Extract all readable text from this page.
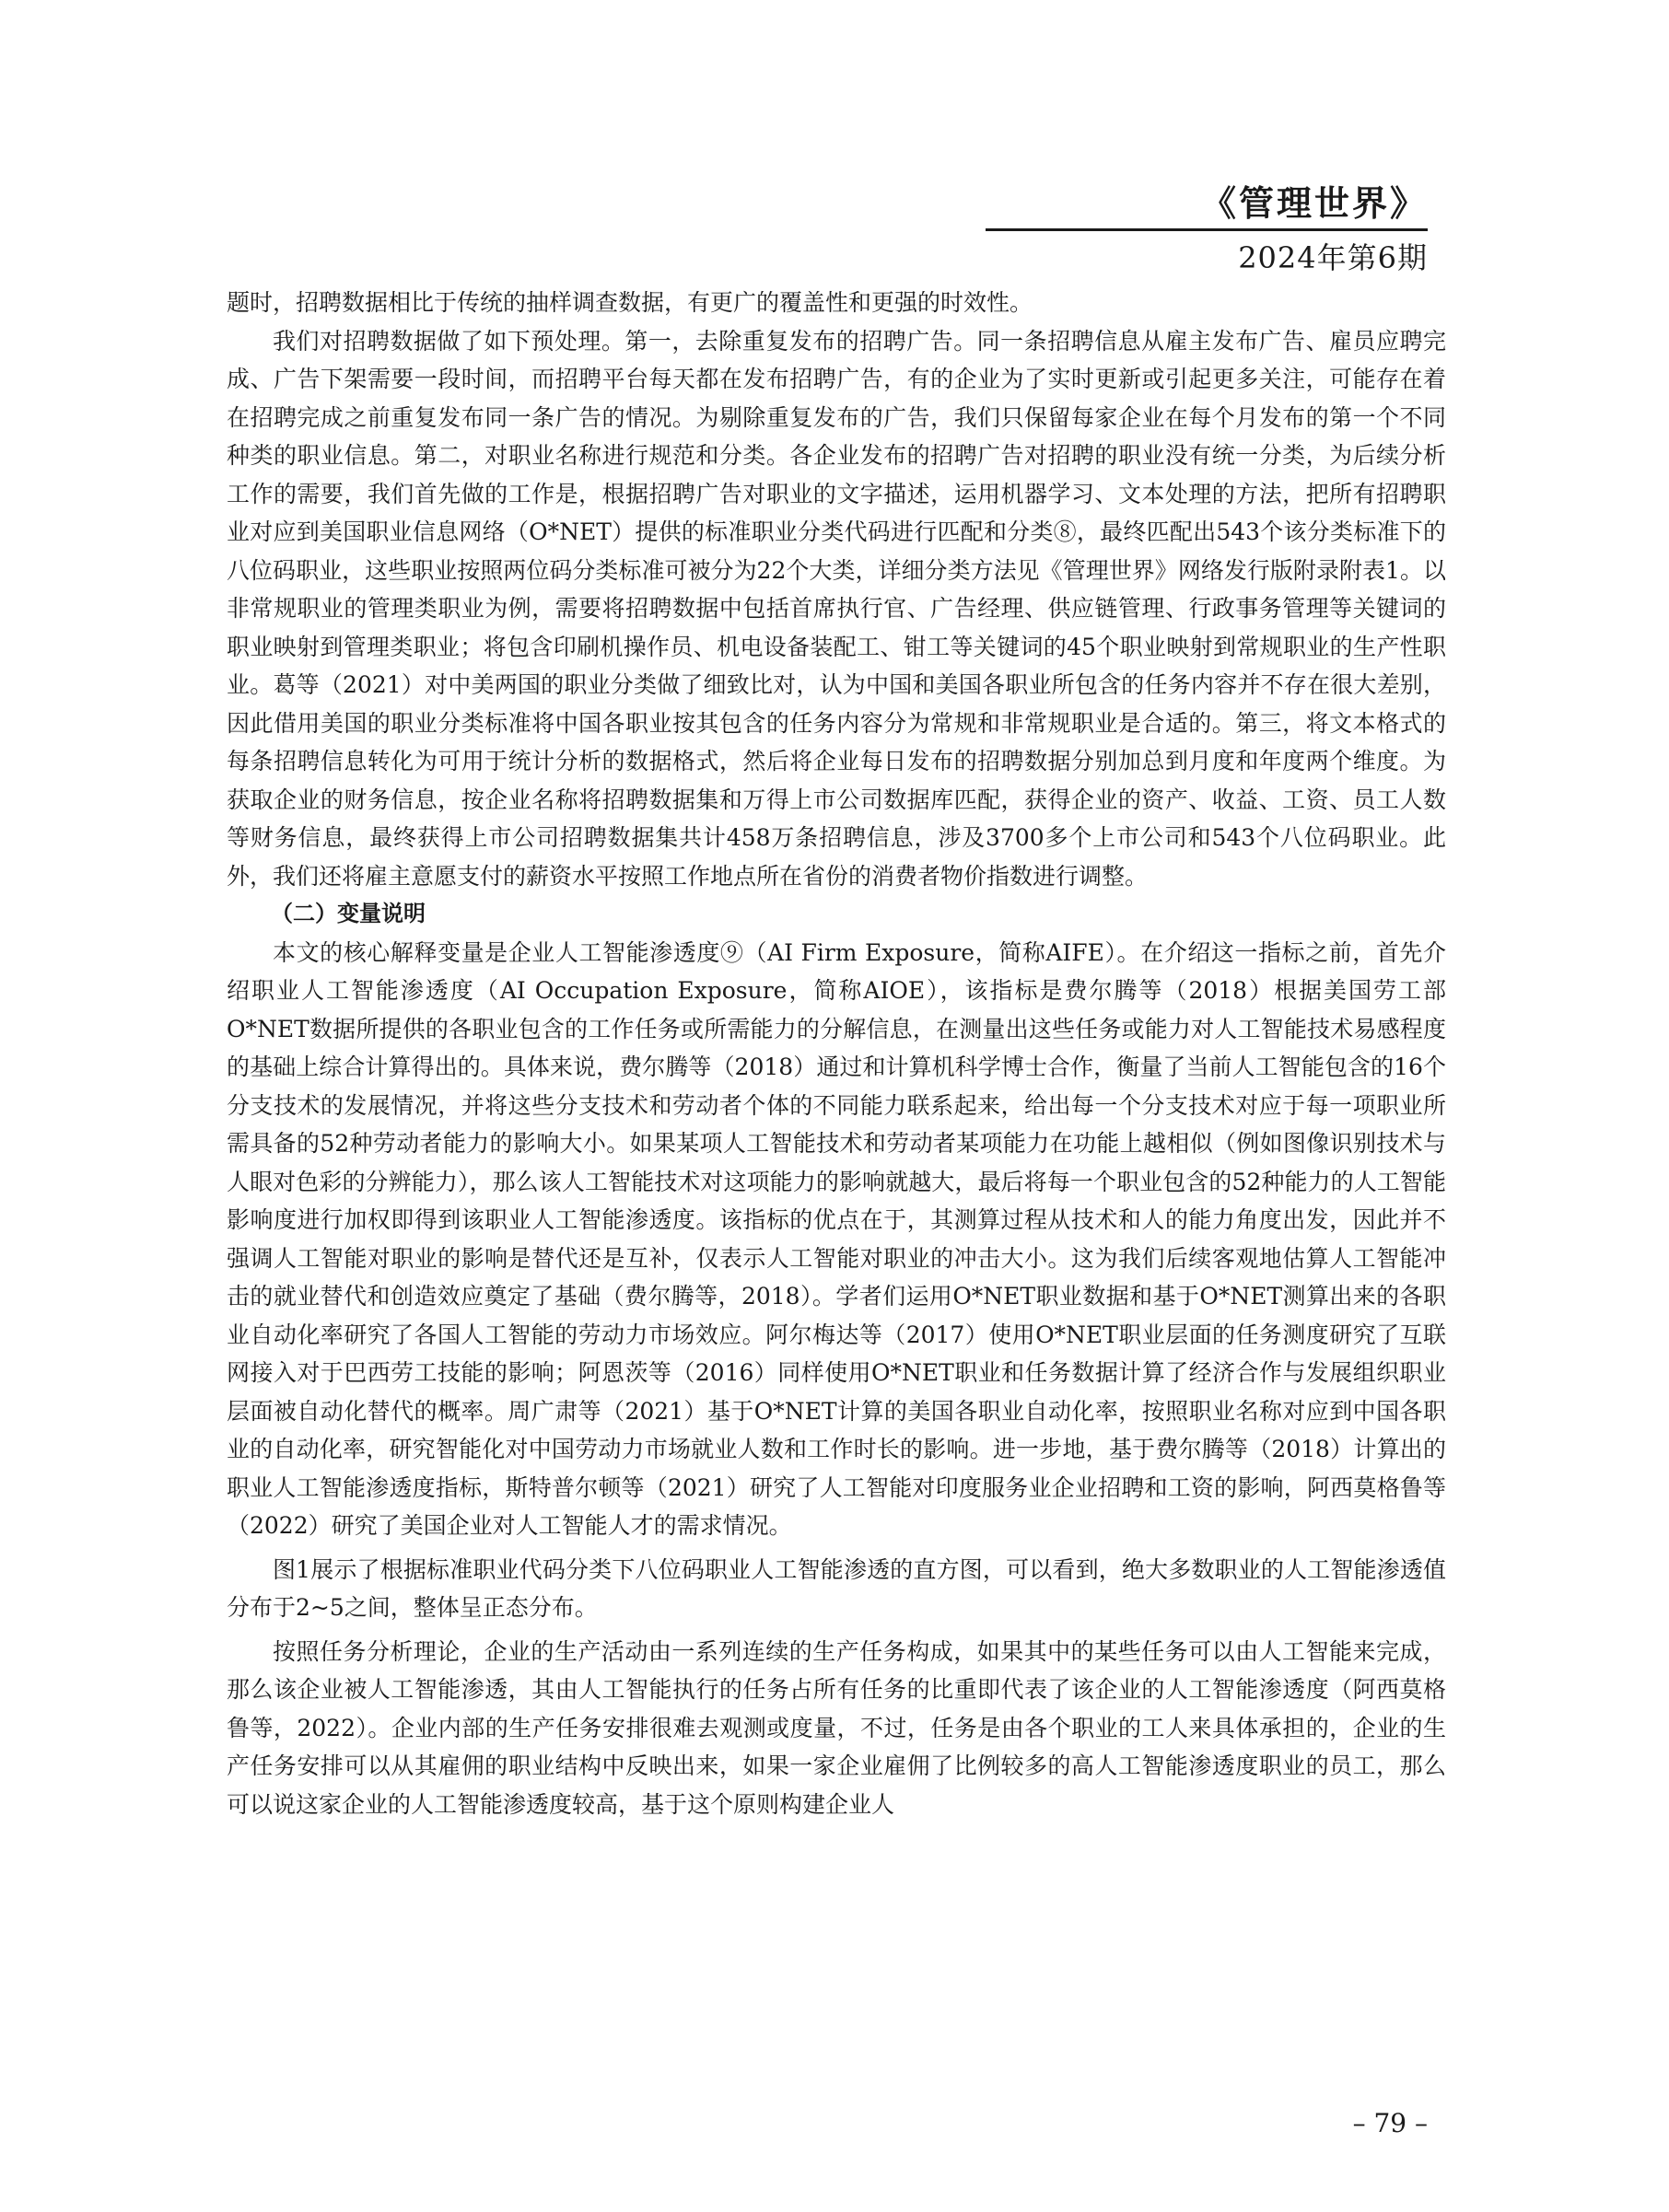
《管理世界》
2024年第6期

题时，招聘数据相比于传统的抽样调查数据，有更广的覆盖性和更强的时效性。

我们对招聘数据做了如下预处理。第一，去除重复发布的招聘广告。同一条招聘信息从雇主发布广告、雇员应聘完成、广告下架需要一段时间，而招聘平台每天都在发布招聘广告，有的企业为了实时更新或引起更多关注，可能存在着在招聘完成之前重复发布同一条广告的情况。为剔除重复发布的广告，我们只保留每家企业在每个月发布的第一个不同种类的职业信息。第二，对职业名称进行规范和分类。各企业发布的招聘广告对招聘的职业没有统一分类，为后续分析工作的需要，我们首先做的工作是，根据招聘广告对职业的文字描述，运用机器学习、文本处理的方法，把所有招聘职业对应到美国职业信息网络（O*NET）提供的标准职业分类代码进行匹配和分类⑧，最终匹配出543个该分类标准下的八位码职业，这些职业按照两位码分类标准可被分为22个大类，详细分类方法见《管理世界》网络发行版附录附表1。以非常规职业的管理类职业为例，需要将招聘数据中包括首席执行官、广告经理、供应链管理、行政事务管理等关键词的职业映射到管理类职业；将包含印刷机操作员、机电设备装配工、钳工等关键词的45个职业映射到常规职业的生产性职业。葛等（2021）对中美两国的职业分类做了细致比对，认为中国和美国各职业所包含的任务内容并不存在很大差别，因此借用美国的职业分类标准将中国各职业按其包含的任务内容分为常规和非常规职业是合适的。第三，将文本格式的每条招聘信息转化为可用于统计分析的数据格式，然后将企业每日发布的招聘数据分别加总到月度和年度两个维度。为获取企业的财务信息，按企业名称将招聘数据集和万得上市公司数据库匹配，获得企业的资产、收益、工资、员工人数等财务信息，最终获得上市公司招聘数据集共计458万条招聘信息，涉及3700多个上市公司和543个八位码职业。此外，我们还将雇主意愿支付的薪资水平按照工作地点所在省份的消费者物价指数进行调整。

（二）变量说明

本文的核心解释变量是企业人工智能渗透度⑨（AI Firm Exposure，简称AIFE）。在介绍这一指标之前，首先介绍职业人工智能渗透度（AI Occupation Exposure，简称AIOE），该指标是费尔腾等（2018）根据美国劳工部O*NET数据所提供的各职业包含的工作任务或所需能力的分解信息，在测量出这些任务或能力对人工智能技术易感程度的基础上综合计算得出的。具体来说，费尔腾等（2018）通过和计算机科学博士合作，衡量了当前人工智能包含的16个分支技术的发展情况，并将这些分支技术和劳动者个体的不同能力联系起来，给出每一个分支技术对应于每一项职业所需具备的52种劳动者能力的影响大小。如果某项人工智能技术和劳动者某项能力在功能上越相似（例如图像识别技术与人眼对色彩的分辨能力），那么该人工智能技术对这项能力的影响就越大，最后将每一个职业包含的52种能力的人工智能影响度进行加权即得到该职业人工智能渗透度。该指标的优点在于，其测算过程从技术和人的能力角度出发，因此并不强调人工智能对职业的影响是替代还是互补，仅表示人工智能对职业的冲击大小。这为我们后续客观地估算人工智能冲击的就业替代和创造效应奠定了基础（费尔腾等，2018）。学者们运用O*NET职业数据和基于O*NET测算出来的各职业自动化率研究了各国人工智能的劳动力市场效应。阿尔梅达等（2017）使用O*NET职业层面的任务测度研究了互联网接入对于巴西劳工技能的影响；阿恩茨等（2016）同样使用O*NET职业和任务数据计算了经济合作与发展组织职业层面被自动化替代的概率。周广肃等（2021）基于O*NET计算的美国各职业自动化率，按照职业名称对应到中国各职业的自动化率，研究智能化对中国劳动力市场就业人数和工作时长的影响。进一步地，基于费尔腾等（2018）计算出的职业人工智能渗透度指标，斯特普尔顿等（2021）研究了人工智能对印度服务业企业招聘和工资的影响，阿西莫格鲁等（2022）研究了美国企业对人工智能人才的需求情况。

图1展示了根据标准职业代码分类下八位码职业人工智能渗透的直方图，可以看到，绝大多数职业的人工智能渗透值分布于2~5之间，整体呈正态分布。

按照任务分析理论，企业的生产活动由一系列连续的生产任务构成，如果其中的某些任务可以由人工智能来完成，那么该企业被人工智能渗透，其由人工智能执行的任务占所有任务的比重即代表了该企业的人工智能渗透度（阿西莫格鲁等，2022）。企业内部的生产任务安排很难去观测或度量，不过，任务是由各个职业的工人来具体承担的，企业的生产任务安排可以从其雇佣的职业结构中反映出来，如果一家企业雇佣了比例较多的高人工智能渗透度职业的员工，那么可以说这家企业的人工智能渗透度较高，基于这个原则构建企业人

– 79 –
